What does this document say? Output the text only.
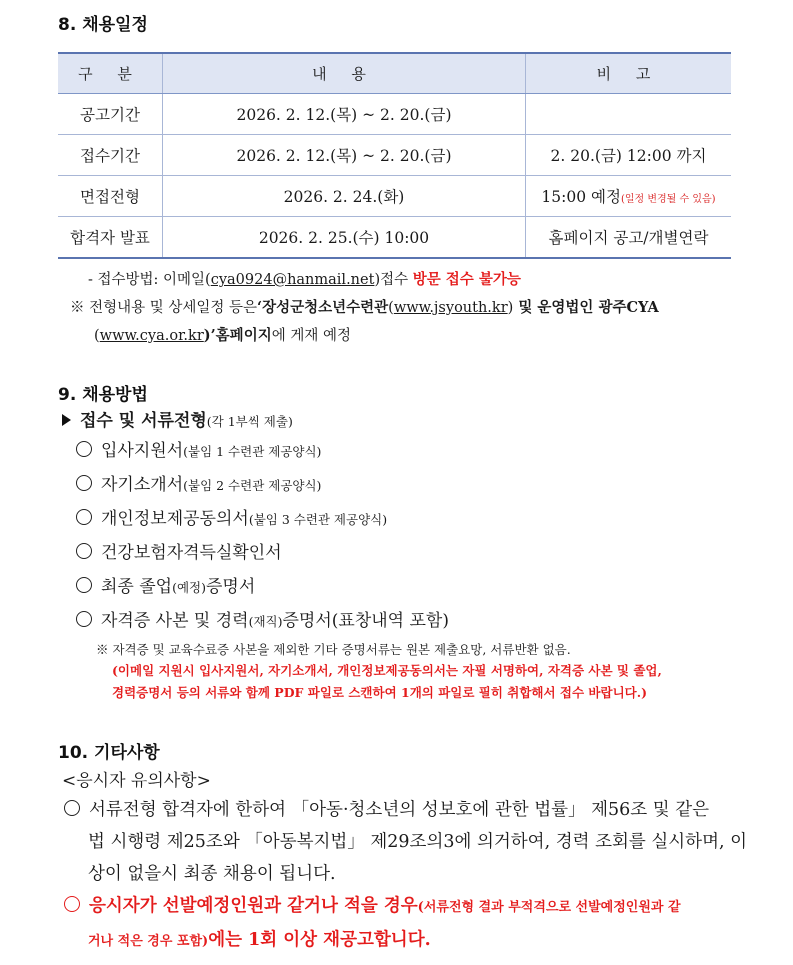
8. 채용일정
구 분	내 용	비 고
공고기간	2026. 2. 12.(목) ~ 2. 20.(금)	
접수기간	2026. 2. 12.(목) ~ 2. 20.(금)	2. 20.(금) 12:00 까지
면접전형	2026. 2. 24.(화)	15:00 예정(일정 변경될 수 있음)
합격자 발표	2026. 2. 25.(수) 10:00	홈페이지 공고/개별연락
- 접수방법: 이메일(cya0924@hanmail.net)접수 방문 접수 불가능
※ 전형내용 및 상세일정 등은‘장성군청소년수련관(www.jsyouth.kr) 및 운영법인 광주CYA
(www.cya.or.kr)’홈페이지에 게재 예정
9. 채용방법
접수 및 서류전형(각 1부씩 제출)
입사지원서(붙임 1 수련관 제공양식)
자기소개서(붙임 2 수련관 제공양식)
개인정보제공동의서(붙임 3 수련관 제공양식)
건강보험자격득실확인서
최종 졸업(예정)증명서
자격증 사본 및 경력(재직)증명서(표창내역 포함)
※ 자격증 및 교육수료증 사본을 제외한 기타 증명서류는 원본 제출요망, 서류반환 없음.
(이메일 지원시 입사지원서, 자기소개서, 개인정보제공동의서는 자필 서명하여, 자격증 사본 및 졸업,
경력증명서 등의 서류와 함께 PDF 파일로 스캔하여 1개의 파일로 필히 취합해서 접수 바랍니다.)
10. 기타사항
<응시자 유의사항>
서류전형 합격자에 한하여 「아동·청소년의 성보호에 관한 법률」 제56조 및 같은
법 시행령 제25조와 「아동복지법」 제29조의3에 의거하여, 경력 조회를 실시하며, 이
상이 없을시 최종 채용이 됩니다.
응시자가 선발예정인원과 같거나 적을 경우(서류전형 결과 부적격으로 선발예정인원과 같
거나 적은 경우 포함)에는 1회 이상 재공고합니다.
